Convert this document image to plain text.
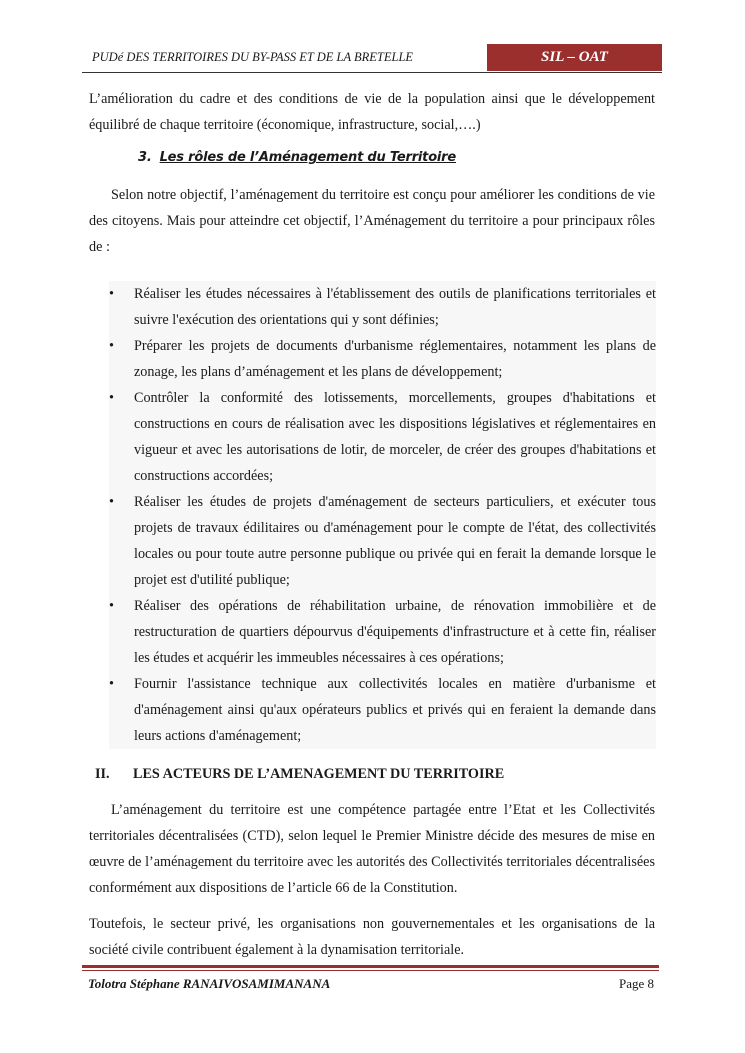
PUDé DES TERRITOIRES DU BY-PASS ET DE LA BRETELLE	SIL – OAT

L’amélioration du cadre et des conditions de vie de la population ainsi que le développement équilibré de chaque territoire (économique, infrastructure, social,….)

3. Les rôles de l’Aménagement du Territoire

Selon notre objectif, l’aménagement du territoire est conçu pour améliorer les conditions de vie des citoyens. Mais pour atteindre cet objectif, l’Aménagement du territoire a pour principaux rôles de :

• Réaliser les études nécessaires à l'établissement des outils de planifications territoriales et suivre l'exécution des orientations qui y sont définies;
• Préparer les projets de documents d'urbanisme réglementaires, notamment les plans de zonage, les plans d’aménagement et les plans de développement;
• Contrôler la conformité des lotissements, morcellements, groupes d'habitations et constructions en cours de réalisation avec les dispositions législatives et réglementaires en vigueur et avec les autorisations de lotir, de morceler, de créer des groupes d'habitations et constructions accordées;
• Réaliser les études de projets d'aménagement de secteurs particuliers, et exécuter tous projets de travaux édilitaires ou d'aménagement pour le compte de l'état, des collectivités locales ou pour toute autre personne publique ou privée qui en ferait la demande lorsque le projet est d'utilité publique;
• Réaliser des opérations de réhabilitation urbaine, de rénovation immobilière et de restructuration de quartiers dépourvus d'équipements d'infrastructure et à cette fin, réaliser les études et acquérir les immeubles nécessaires à ces opérations;
• Fournir l'assistance technique aux collectivités locales en matière d'urbanisme et d'aménagement ainsi qu'aux opérateurs publics et privés qui en feraient la demande dans leurs actions d'aménagement;
II. LES ACTEURS DE L’AMENAGEMENT DU TERRITOIRE

L’aménagement du territoire est une compétence partagée entre l’Etat et les Collectivités territoriales décentralisées (CTD), selon lequel le Premier Ministre décide des mesures de mise en œuvre de l’aménagement du territoire avec les autorités des Collectivités territoriales décentralisées conformément aux dispositions de l’article 66 de la Constitution.

Toutefois, le secteur privé, les organisations non gouvernementales et les organisations de la société civile contribuent également à la dynamisation territoriale.

Tolotra Stéphane RANAIVOSAMIMANANA	Page 8
